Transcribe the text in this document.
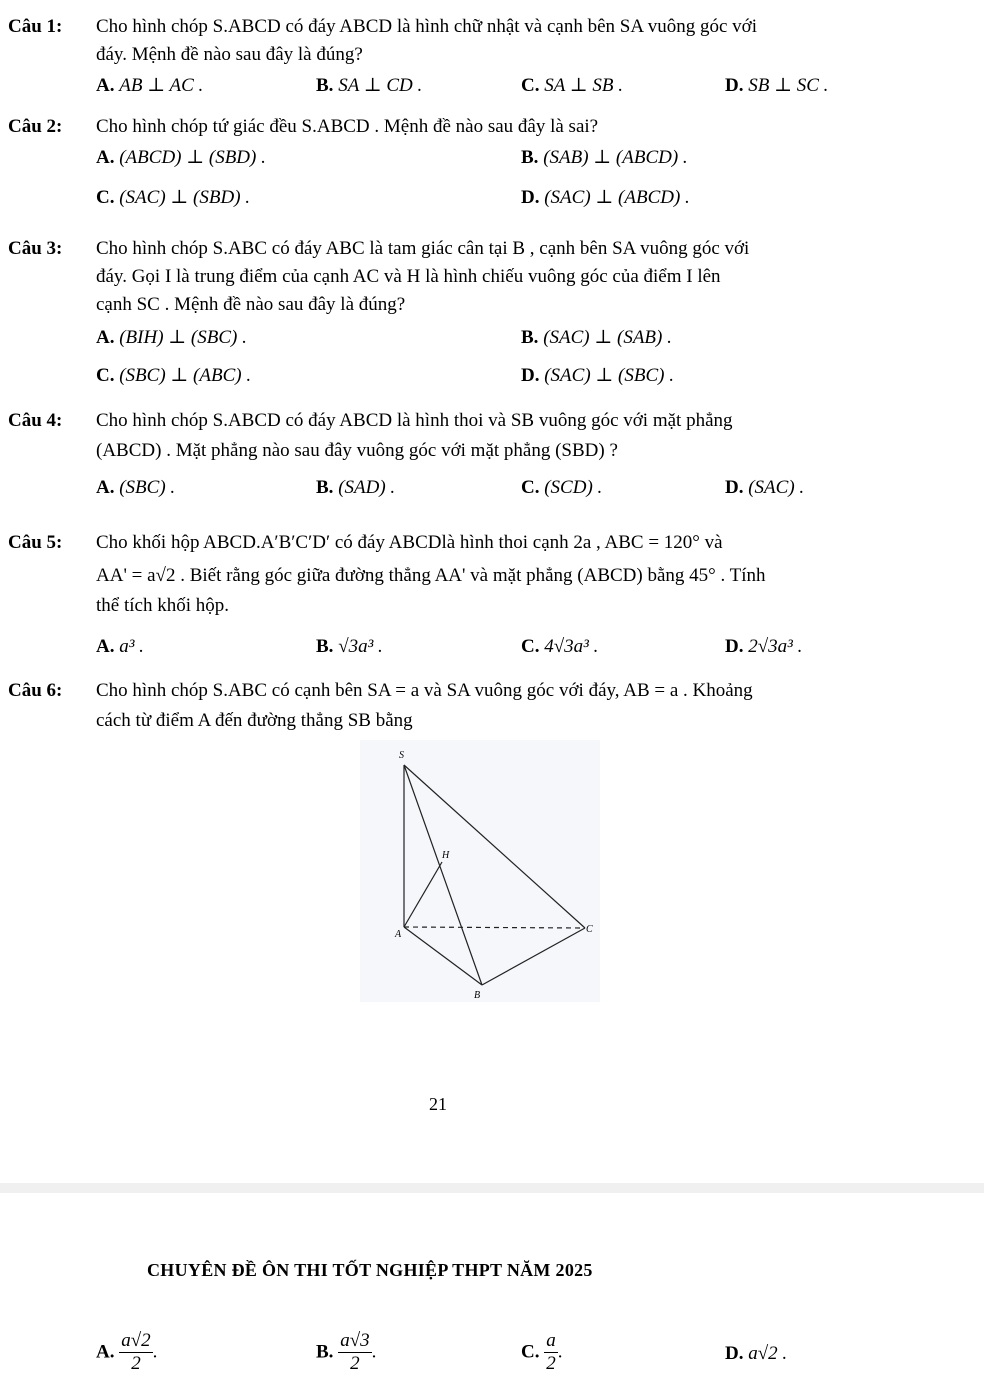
Câu 1: Cho hình chóp S.ABCD có đáy ABCD là hình chữ nhật và cạnh bên SA vuông góc với
đáy. Mệnh đề nào sau đây là đúng?
A. AB ⊥ AC .	B. SA ⊥ CD .	C. SA ⊥ SB .	D. SB ⊥ SC .
Câu 2: Cho hình chóp tứ giác đều S.ABCD . Mệnh đề nào sau đây là sai?
A. (ABCD) ⊥ (SBD) .	B. (SAB) ⊥ (ABCD) .
C. (SAC) ⊥ (SBD) .	D. (SAC) ⊥ (ABCD) .
Câu 3: Cho hình chóp S.ABC có đáy ABC là tam giác cân tại B , cạnh bên SA vuông góc với
đáy. Gọi I là trung điểm của cạnh AC và H là hình chiếu vuông góc của điểm I lên
cạnh SC . Mệnh đề nào sau đây là đúng?
A. (BIH) ⊥ (SBC) .	B. (SAC) ⊥ (SAB) .
C. (SBC) ⊥ (ABC) .	D. (SAC) ⊥ (SBC) .
Câu 4: Cho hình chóp S.ABCD có đáy ABCD là hình thoi và SB vuông góc với mặt phẳng
(ABCD) . Mặt phẳng nào sau đây vuông góc với mặt phẳng (SBD) ?
A. (SBC) .	B. (SAD) .	C. (SCD) .	D. (SAC) .
Câu 5: Cho khối hộp ABCD.A′B′C′D′ có đáy ABCDlà hình thoi cạnh 2a , ABC = 120° và
AA' = a√2 . Biết rằng góc giữa đường thẳng AA' và mặt phẳng (ABCD) bằng 45° . Tính
thể tích khối hộp.
A. a³ .	B. √3a³ .	C. 4√3a³ .	D. 2√3a³ .
Câu 6: Cho hình chóp S.ABC có cạnh bên SA = a và SA vuông góc với đáy, AB = a . Khoảng
cách từ điểm A đến đường thẳng SB bằng
S
H
A	C
B
21
CHUYÊN ĐỀ ÔN THI TỐT NGHIỆP THPT NĂM 2025
A. $\frac{a√2}{2}$ .	B. $\frac{a√3}{2}$ .	C. $\frac{a}{2}$ .	D. a√2 .
